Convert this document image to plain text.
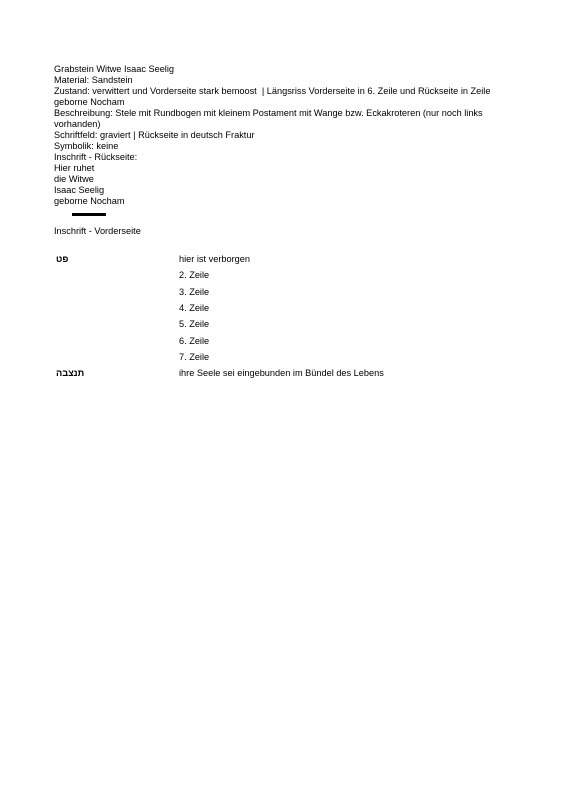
Grabstein Witwe Isaac Seelig
Material: Sandstein
Zustand: verwittert und Vorderseite stark bemoost  | Längsriss Vorderseite in 6. Zeile und Rückseite in Zeile
geborne Nocham
Beschreibung: Stele mit Rundbogen mit kleinem Postament mit Wange bzw. Eckakroteren (nur noch links
vorhanden)
Schriftfeld: graviert | Rückseite in deutsch Fraktur
Symbolik: keine
Inschrift - Rückseite:
Hier ruhet
die Witwe
Isaac Seelig
geborne Nocham
Inschrift - Vorderseite
פט	hier ist verborgen
	2. Zeile
	3. Zeile
	4. Zeile
	5. Zeile
	6. Zeile
	7. Zeile
תנצבה	ihre Seele sei eingebunden im Bündel des Lebens
